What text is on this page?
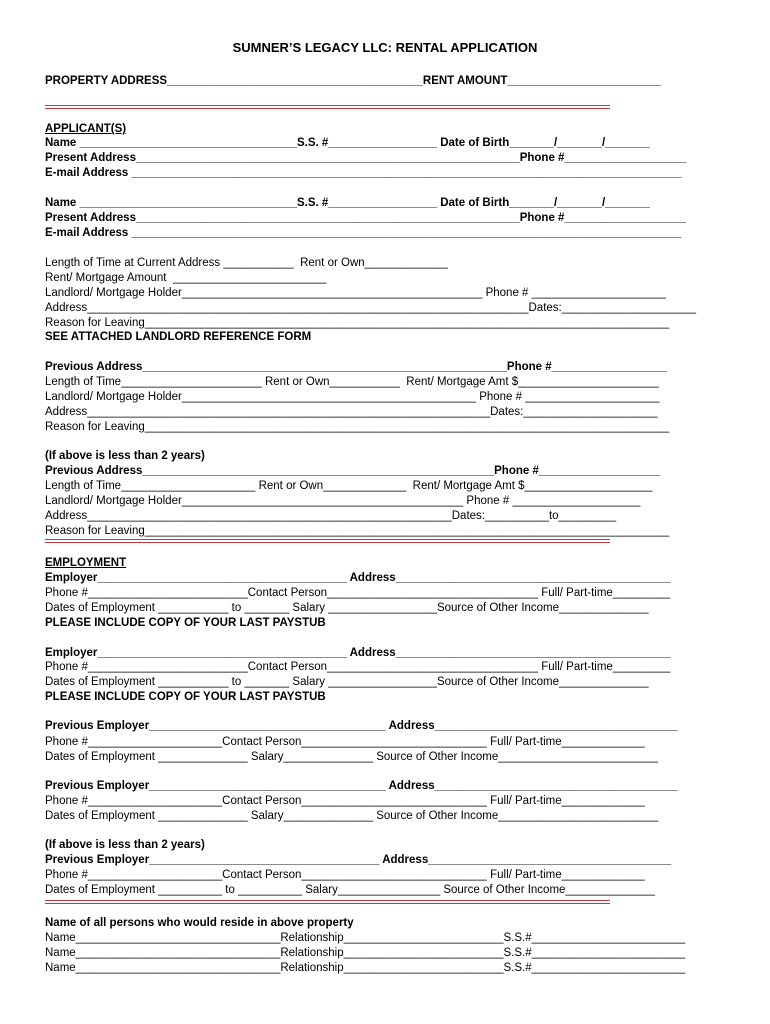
SUMNER’S LEGACY LLC: RENTAL APPLICATION
PROPERTY ADDRESS________________________________________RENT AMOUNT________________________
APPLICANT(S)
Name __________________________________S.S. #_________________ Date of Birth_______/_______/_______
Present Address____________________________________________________________Phone #___________________
E-mail Address ______________________________________________________________________________________
Name __________________________________S.S. #_________________ Date of Birth_______/_______/_______
Present Address____________________________________________________________Phone #___________________
E-mail Address ______________________________________________________________________________________
Length of Time at Current Address ___________  Rent or Own_____________
Rent/ Mortgage Amount  ________________________
Landlord/ Mortgage Holder_______________________________________________ Phone # _____________________
Address_____________________________________________________________________Dates:_____________________
Reason for Leaving__________________________________________________________________________________
SEE ATTACHED LANDLORD REFERENCE FORM
Previous Address_________________________________________________________Phone #__________________
Length of Time______________________ Rent or Own___________  Rent/ Mortgage Amt $______________________
Landlord/ Mortgage Holder______________________________________________ Phone # _____________________
Address_______________________________________________________________Dates:_____________________
Reason for Leaving__________________________________________________________________________________
(If above is less than 2 years)
Previous Address_______________________________________________________Phone #___________________
Length of Time_____________________ Rent or Own_____________  Rent/ Mortgage Amt $____________________
Landlord/ Mortgage Holder____________________________________________ Phone # ____________________
Address_________________________________________________________Dates:__________to_________
Reason for Leaving__________________________________________________________________________________
EMPLOYMENT
Employer_______________________________________ Address___________________________________________
Phone #_________________________Contact Person_________________________________ Full/ Part-time_________
Dates of Employment ___________ to _______ Salary _________________Source of Other Income______________
PLEASE INCLUDE COPY OF YOUR LAST PAYSTUB
Employer_______________________________________ Address___________________________________________
Phone #_________________________Contact Person_________________________________ Full/ Part-time_________
Dates of Employment ___________ to _______ Salary _________________Source of Other Income______________
PLEASE INCLUDE COPY OF YOUR LAST PAYSTUB
Previous Employer_____________________________________ Address______________________________________
Phone #_____________________Contact Person_____________________________ Full/ Part-time_____________
Dates of Employment ______________ Salary______________ Source of Other Income_________________________
Previous Employer_____________________________________ Address______________________________________
Phone #_____________________Contact Person_____________________________ Full/ Part-time_____________
Dates of Employment ______________ Salary______________ Source of Other Income_________________________
(If above is less than 2 years)
Previous Employer____________________________________ Address______________________________________
Phone #_____________________Contact Person_____________________________ Full/ Part-time_____________
Dates of Employment __________ to __________ Salary________________ Source of Other Income______________
Name of all persons who would reside in above property
Name________________________________Relationship_________________________S.S.#________________________
Name________________________________Relationship_________________________S.S.#________________________
Name________________________________Relationship_________________________S.S.#________________________
